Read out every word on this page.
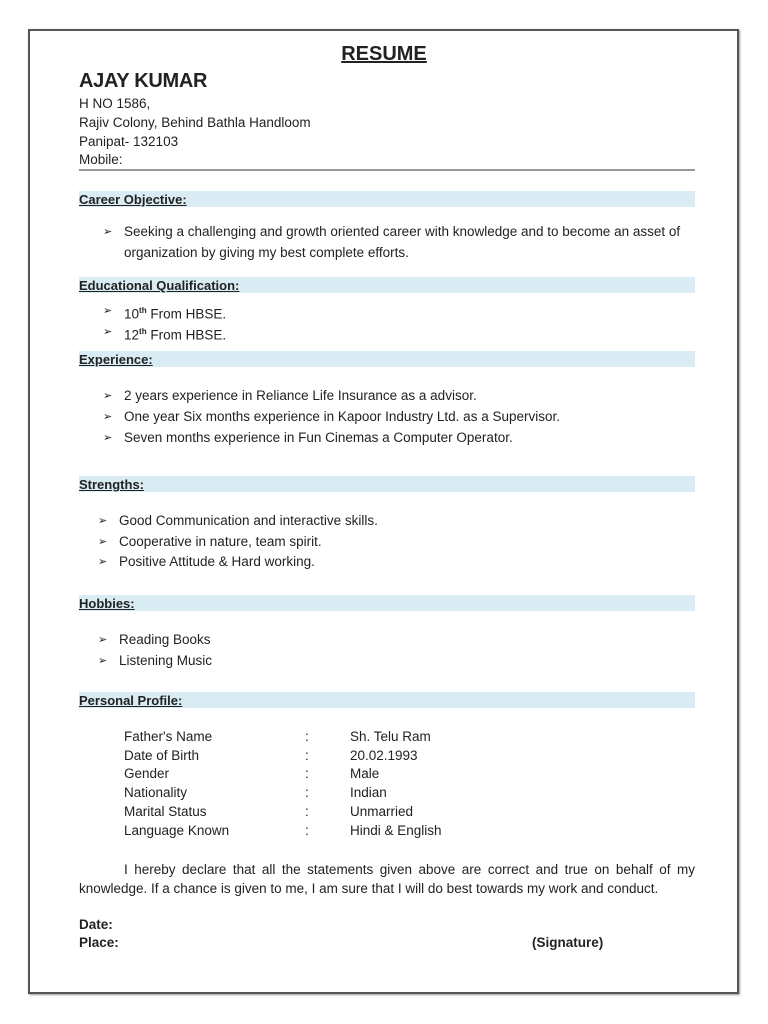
RESUME
AJAY KUMAR
H NO 1586,
Rajiv Colony, Behind Bathla Handloom
Panipat- 132103
Mobile:
Career Objective:
➢ Seeking a challenging and growth oriented career with knowledge and to become an asset of
organization by giving my best complete efforts.
Educational Qualification:
➢ 10th From HBSE.
➢ 12th From HBSE.
Experience:
➢ 2 years experience in Reliance Life Insurance as a advisor.
➢ One year Six months experience in Kapoor Industry Ltd. as a Supervisor.
➢ Seven months experience in Fun Cinemas a Computer Operator.
Strengths:
➢ Good Communication and interactive skills.
➢ Cooperative in nature, team spirit.
➢ Positive Attitude & Hard working.
Hobbies:
➢ Reading Books
➢ Listening Music
Personal Profile:
Father's Name	:	Sh. Telu Ram
Date of Birth	:	20.02.1993
Gender	:	Male
Nationality	:	Indian
Marital Status	:	Unmarried
Language Known	:	Hindi & English
I hereby declare that all the statements given above are correct and true on behalf of my knowledge. If a chance is given to me, I am sure that I will do best towards my work and conduct.
Date:
Place:	(Signature)
